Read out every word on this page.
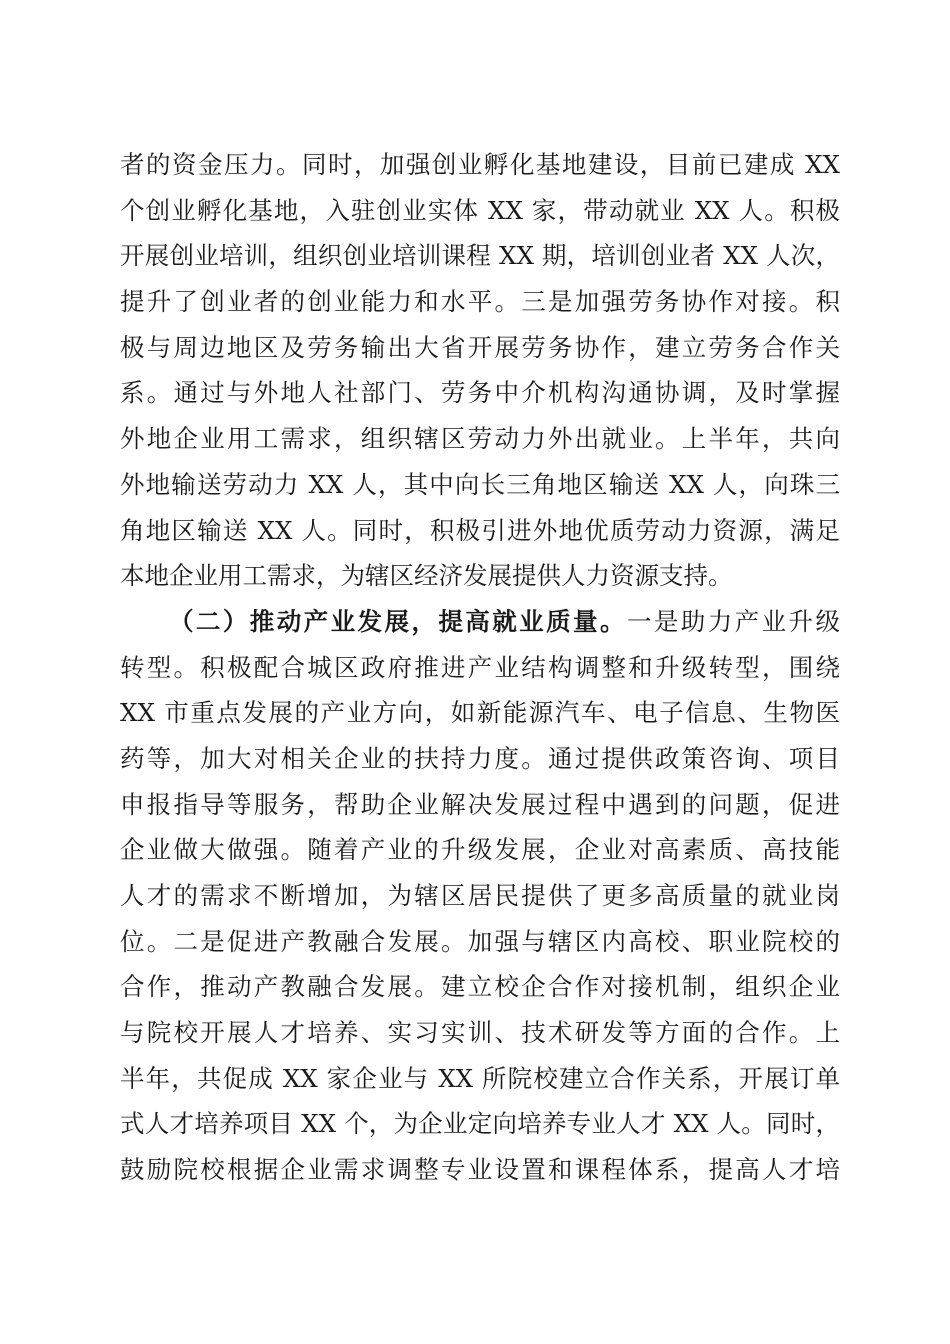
者的资金压力。同时，加强创业孵化基地建设，目前已建成 XX
个创业孵化基地，入驻创业实体 XX 家，带动就业 XX 人。积极
开展创业培训，组织创业培训课程 XX 期，培训创业者 XX 人次，
提升了创业者的创业能力和水平。三是加强劳务协作对接。积
极与周边地区及劳务输出大省开展劳务协作，建立劳务合作关
系。通过与外地人社部门、劳务中介机构沟通协调，及时掌握
外地企业用工需求，组织辖区劳动力外出就业。上半年，共向
外地输送劳动力 XX 人，其中向长三角地区输送 XX 人，向珠三
角地区输送 XX 人。同时，积极引进外地优质劳动力资源，满足
本地企业用工需求，为辖区经济发展提供人力资源支持。
（二）推动产业发展，提高就业质量。一是助力产业升级
转型。积极配合城区政府推进产业结构调整和升级转型，围绕
XX 市重点发展的产业方向，如新能源汽车、电子信息、生物医
药等，加大对相关企业的扶持力度。通过提供政策咨询、项目
申报指导等服务，帮助企业解决发展过程中遇到的问题，促进
企业做大做强。随着产业的升级发展，企业对高素质、高技能
人才的需求不断增加，为辖区居民提供了更多高质量的就业岗
位。二是促进产教融合发展。加强与辖区内高校、职业院校的
合作，推动产教融合发展。建立校企合作对接机制，组织企业
与院校开展人才培养、实习实训、技术研发等方面的合作。上
半年，共促成 XX 家企业与 XX 所院校建立合作关系，开展订单
式人才培养项目 XX 个，为企业定向培养专业人才 XX 人。同时，
鼓励院校根据企业需求调整专业设置和课程体系，提高人才培
